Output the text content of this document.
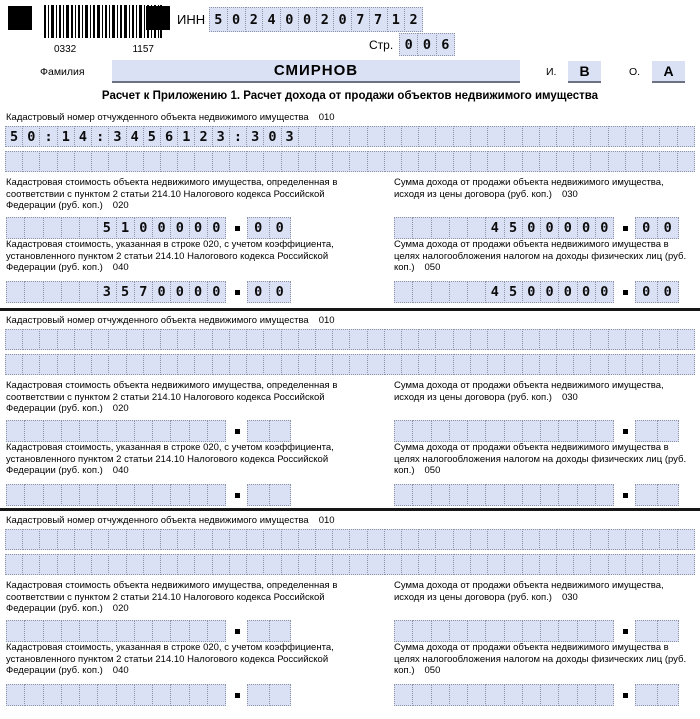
0332	1157
ИНН 5 0 2 4 0 0 2 0 7 7 1 2
Стр. 0 0 6
Фамилия	СМИРНОВ	И.	В	О.	А
Расчет к Приложению 1. Расчет дохода от продажи объектов недвижимого имущества
Кадастровый номер отчужденного объекта недвижимого имущества 010
5 0 : 1 4 : 3 4 5 6 1 2 3 : 3 0 3
Кадастровая стоимость объекта недвижимого имущества, определенная в соответствии с пунктом 2 статьи 214.10 Налогового кодекса Российской Федерации (руб. коп.) 020
5 1 0 0 0 0 0	0 0
Кадастровая стоимость, указанная в строке 020, с учетом коэффициента, установленного пунктом 2 статьи 214.10 Налогового кодекса Российской Федерации (руб. коп.) 040
3 5 7 0 0 0 0	0 0
Сумма дохода от продажи объекта недвижимого имущества, исходя из цены договора (руб. коп.) 030
4 5 0 0 0 0 0	0 0
Сумма дохода от продажи объекта недвижимого имущества в целях налогообложения налогом на доходы физических лиц (руб. коп.) 050
4 5 0 0 0 0 0	0 0
Кадастровый номер отчужденного объекта недвижимого имущества 010
Кадастровая стоимость объекта недвижимого имущества, определенная в соответствии с пунктом 2 статьи 214.10 Налогового кодекса Российской Федерации (руб. коп.) 020
Кадастровая стоимость, указанная в строке 020, с учетом коэффициента, установленного пунктом 2 статьи 214.10 Налогового кодекса Российской Федерации (руб. коп.) 040
Сумма дохода от продажи объекта недвижимого имущества, исходя из цены договора (руб. коп.) 030
Сумма дохода от продажи объекта недвижимого имущества в целях налогообложения налогом на доходы физических лиц (руб. коп.) 050
Кадастровый номер отчужденного объекта недвижимого имущества 010
Кадастровая стоимость объекта недвижимого имущества, определенная в соответствии с пунктом 2 статьи 214.10 Налогового кодекса Российской Федерации (руб. коп.) 020
Кадастровая стоимость, указанная в строке 020, с учетом коэффициента, установленного пунктом 2 статьи 214.10 Налогового кодекса Российской Федерации (руб. коп.) 040
Сумма дохода от продажи объекта недвижимого имущества, исходя из цены договора (руб. коп.) 030
Сумма дохода от продажи объекта недвижимого имущества в целях налогообложения налогом на доходы физических лиц (руб. коп.) 050
